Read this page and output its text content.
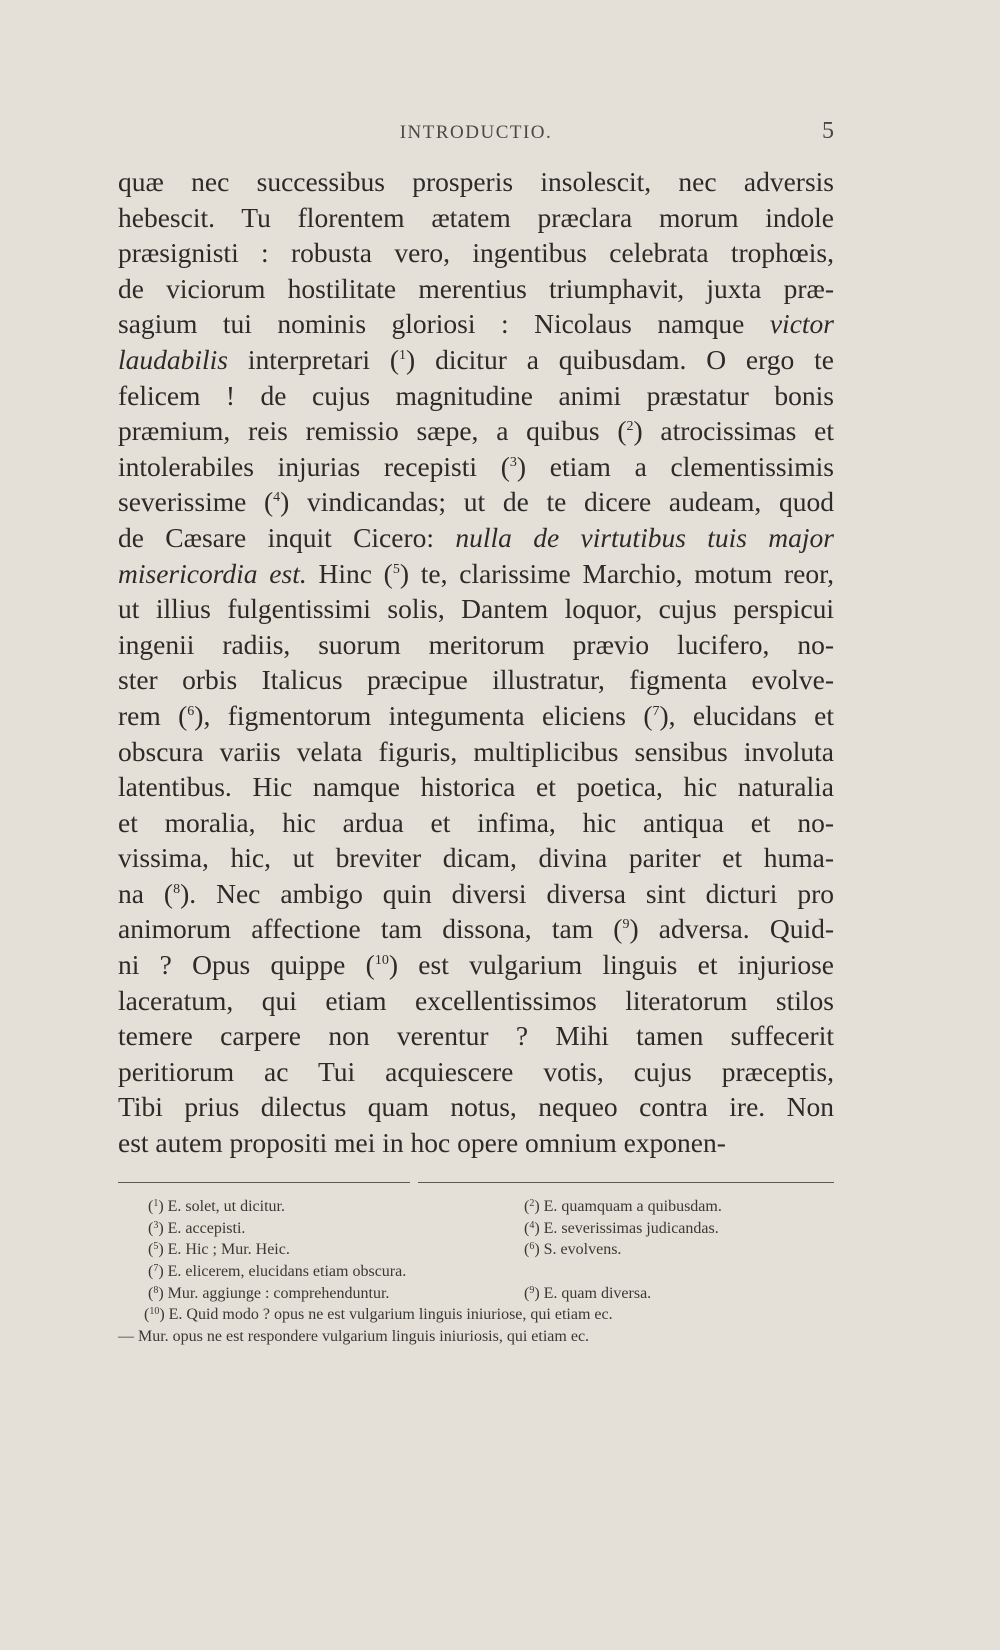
INTRODUCTIO.	5
quæ nec successibus prosperis insolescit, nec adversis
hebescit. Tu florentem ætatem præclara morum indole
præsignisti : robusta vero, ingentibus celebrata trophœis,
de viciorum hostilitate merentius triumphavit, juxta præ-
sagium tui nominis gloriosi : Nicolaus namque victor
laudabilis interpretari ($^1$) dicitur a quibusdam. O ergo te
felicem ! de cujus magnitudine animi præstatur bonis
præmium, reis remissio sæpe, a quibus ($^2$) atrocissimas et
intolerabiles injurias recepisti ($^3$) etiam a clementissimis
severissime ($^4$) vindicandas; ut de te dicere audeam, quod
de Cæsare inquit Cicero: nulla de virtutibus tuis major
misericordia est. Hinc ($^5$) te, clarissime Marchio, motum reor,
ut illius fulgentissimi solis, Dantem loquor, cujus perspicui
ingenii radiis, suorum meritorum prævio lucifero, no-
ster orbis Italicus præcipue illustratur, figmenta evolve-
rem ($^6$), figmentorum integumenta eliciens ($^7$), elucidans et
obscura variis velata figuris, multiplicibus sensibus involuta
latentibus. Hic namque historica et poetica, hic naturalia
et moralia, hic ardua et infima, hic antiqua et no-
vissima, hic, ut breviter dicam, divina pariter et huma-
na ($^8$). Nec ambigo quin diversi diversa sint dicturi pro
animorum affectione tam dissona, tam ($^9$) adversa. Quid-
ni ? Opus quippe ($^{10}$) est vulgarium linguis et injuriose
laceratum, qui etiam excellentissimos literatorum stilos
temere carpere non verentur ? Mihi tamen suffecerit
peritiorum ac Tui acquiescere votis, cujus præceptis,
Tibi prius dilectus quam notus, nequeo contra ire. Non
est autem propositi mei in hoc opere omnium exponen-
($^1$) E. solet, ut dicitur.	($^2$) E. quamquam a quibusdam.
($^3$) E. accepisti.	($^4$) E. severissimas judicandas.
($^5$) E. Hic ; Mur. Heic.	($^6$) S. evolvens.
($^7$) E. elicerem, elucidans etiam obscura.
($^8$) Mur. aggiunge : comprehenduntur.	($^9$) E. quam diversa.
($^{10}$) E. Quid modo ? opus ne est vulgarium linguis iniuriose, qui etiam ec.
— Mur. opus ne est respondere vulgarium linguis iniuriosis, qui etiam ec.
